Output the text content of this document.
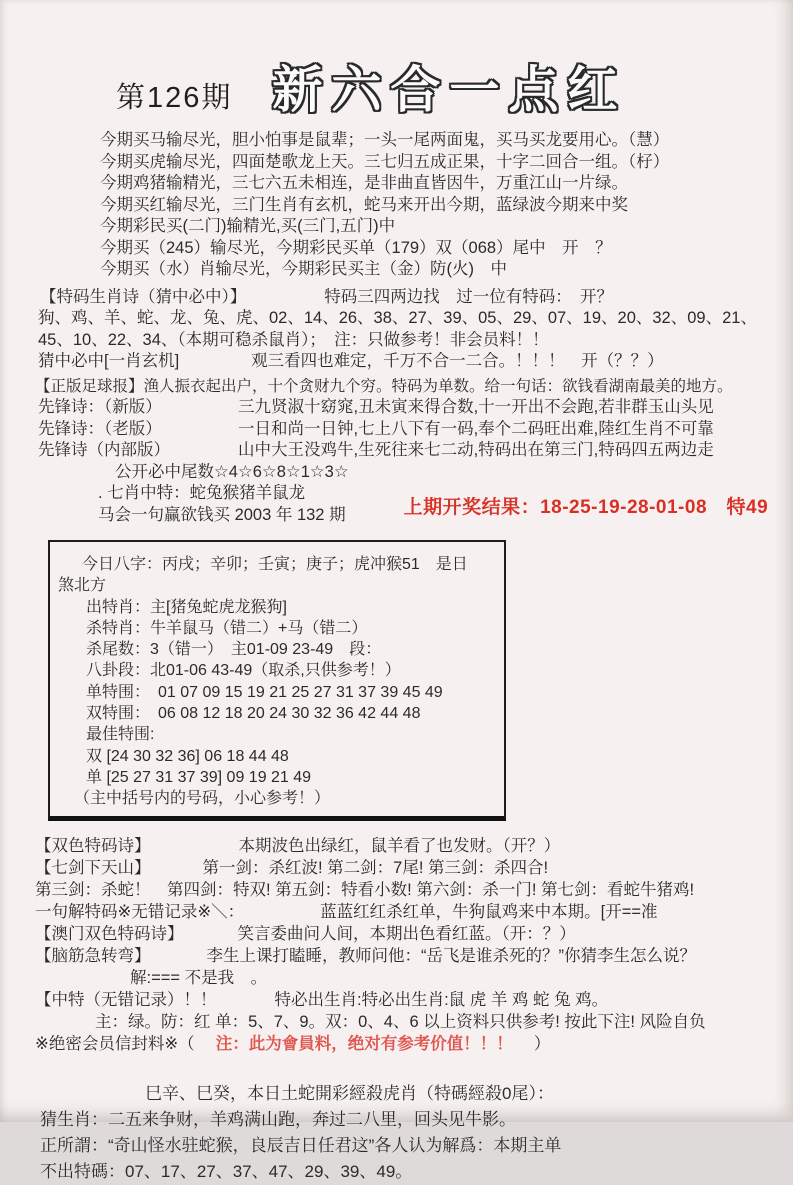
第126期 新六合一点红
今期买马输尽光，胆小怕事是鼠辈；一头一尾两面鬼，买马买龙要用心。（慧）
今期买虎输尽光，四面楚歌龙上天。三七归五成正果，十字二回合一组。（杍）
今期鸡猪输精光，三七六五未相连，是非曲直皆因牛，万重江山一片绿。
今期买红输尽光，三门生肖有玄机，蛇马来开出今期，蓝绿波今期来中奖
今期彩民买(二门)输精光,买(三门,五门)中
今期买（245）输尽光，今期彩民买单（179）双（068）尾中　开　？
今期买（水）肖输尽光，今期彩民买主（金）防(火)　中
【特码生肖诗（猜中必中）】	特码三四两边找　过一位有特码：　开？
狗、鸡、羊、蛇、龙、兔、虎、02、14、26、38、27、39、05、29、07、19、20、32、09、21、
45、10、22、34、（本期可稳杀鼠肖）；　注：只做参考！非会员料！！
猜中必中[一肖玄机]	观三看四也难定，千万不合一二合。！！！　开（？？）
【正版足球报】渔人振衣起出户，十个贪财九个穷。特码为单数。给一句话：欲钱看湖南最美的地方。
先锋诗：（新版）	三九贤淑十窈窕,丑未寅来得合数,十一开出不会跑,若非群玉山头见
先锋诗：（老版）	一日和尚一日钟,七上八下有一码,奉个二码旺出难,陸红生肖不可靠
先锋诗（内部版）	山中大王没鸡牛,生死往来七二动,特码出在第三门,特码四五两边走
公开必中尾数☆4☆6☆8☆1☆3☆
. 七肖中特：蛇兔猴猪羊鼠龙
马会一句赢欲钱买 2003 年 132 期	上期开奖结果：18-25-19-28-01-08　特49
今日八字：丙戌；辛卯；壬寅；庚子；虎冲猴51　是日
煞北方
出特肖：主[猪兔蛇虎龙猴狗]
杀特肖：牛羊鼠马（错二）+马（错二）
杀尾数：3（错一）　主01-09 23-49　段：
八卦段：北01-06 43-49（取杀,只供参考！）
单特围：　01 07 09 15 19 21 25 27 31 37 39 45 49
双特围：　06 08 12 18 20 24 30 32 36 42 44 48
最佳特围:
双 [24 30 32 36] 06 18 44 48
单 [25 27 31 37 39] 09 19 21 49
（主中括号内的号码，小心参考！）
【双色特码诗】	本期波色出绿红，鼠羊看了也发财。（开？）
【七剑下天山】	第一剑：杀红波! 第二剑：7尾! 第三剑：杀四合!
第三剑：杀蛇！　第四剑：特双! 第五剑：特看小数! 第六剑：杀一门! 第七剑：看蛇牛猪鸡!
一句解特码※无错记录※＼：	蓝蓝红红杀红单，牛狗鼠鸡来中本期。[开==准
【澳门双色特码诗】	笑言委曲问人间，本期出色看红蓝。（开：？）
【脑筋急转弯】	李生上课打瞌睡，教师问他：“岳飞是谁杀死的？”你猜李生怎么说？
解:=== 不是我　。
【中特（无错记录）！！	特必出生肖:特必出生肖:鼠 虎 羊 鸡 蛇 兔 鸡。
主：绿。防：红 单：5、7、9。双：0、4、6 以上资料只供参考! 按此下注! 风险自负
※绝密会员信封料※（　 注：此为會員料，绝对有参考价值！！！ 　）
巳辛、巳癸，本日土蛇開彩經殺虎肖（特碼經殺0尾）：
猜生肖：二五来争财，羊鸡满山跑，奔过二八里，回头见牛影。
正所謂：“奇山怪水驻蛇猴，良辰吉日任君这”各人认为解爲：本期主单
不出特碼：07、17、27、37、47、29、39、49。
